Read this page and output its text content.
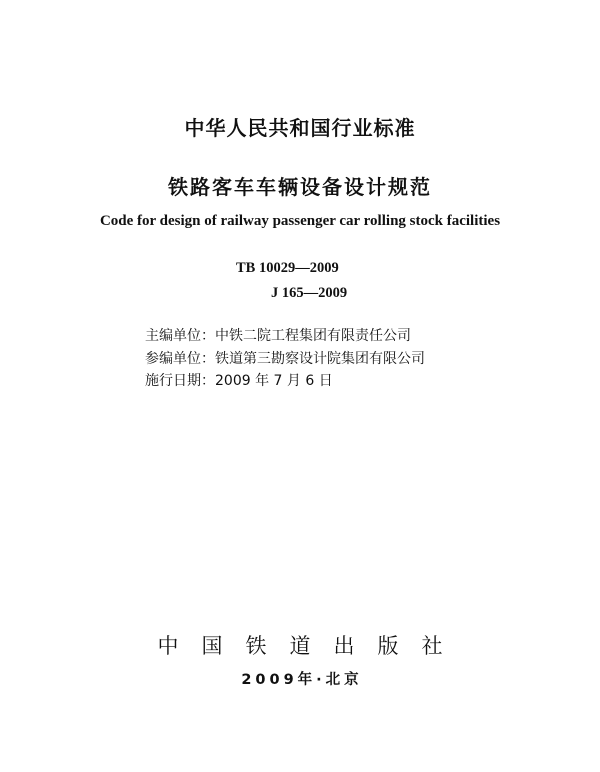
中华人民共和国行业标准
铁路客车车辆设备设计规范
Code for design of railway passenger car rolling stock facilities
TB 10029—2009
J 165—2009
主编单位：中铁二院工程集团有限责任公司
参编单位：铁道第三勘察设计院集团有限公司
施行日期：2009 年 7 月 6 日
中国铁道出版社
2009年·北京
